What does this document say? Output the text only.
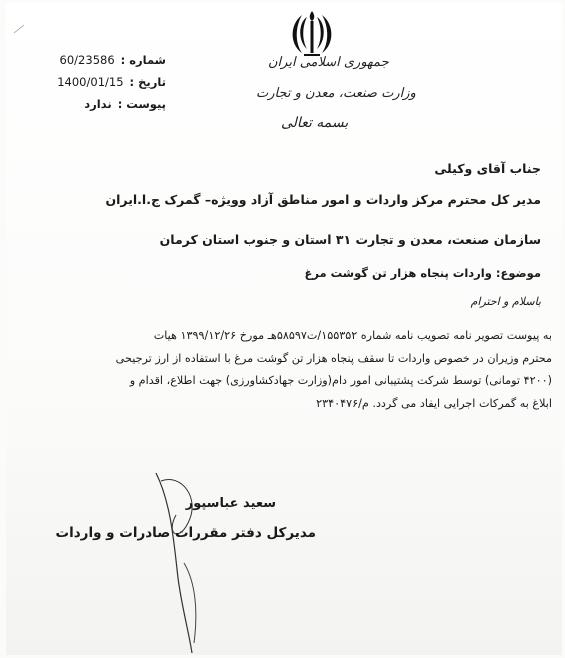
جمهوری اسلامی ایران
وزارت صنعت، معدن و تجارت
بسمه تعالی
شماره :
60/23586
تاریخ :
1400/01/15
پیوست :
ندارد
جناب آقای وکیلی
مدیر کل محترم مرکز واردات و امور مناطق آزاد وویژه– گمرک ج.ا.ایران
سازمان صنعت، معدن و تجارت ۳۱ استان و جنوب استان کرمان
موضوع: واردات پنجاه هزار تن گوشت مرغ
باسلام و احترام

به پیوست تصویر نامه تصویب نامه شماره ۱۵۵۳۵۲/ت۵۸۵۹۷هـ مورخ ۱۳۹۹/۱۲/۲۶ هیات

محترم وزیران در خصوص واردات تا سقف پنجاه هزار تن گوشت مرغ با استفاده از ارز ترجیحی

(۴۲۰۰ تومانی) توسط شرکت پشتیبانی امور دام(وزارت جهادکشاورزی) جهت اطلاع، اقدام و

ابلاغ به گمرکات اجرایی ایفاد می گردد. م/۲۳۴۰۴۷۶

سعید عباسپور
مدیرکل دفتر مقررات صادرات و واردات
